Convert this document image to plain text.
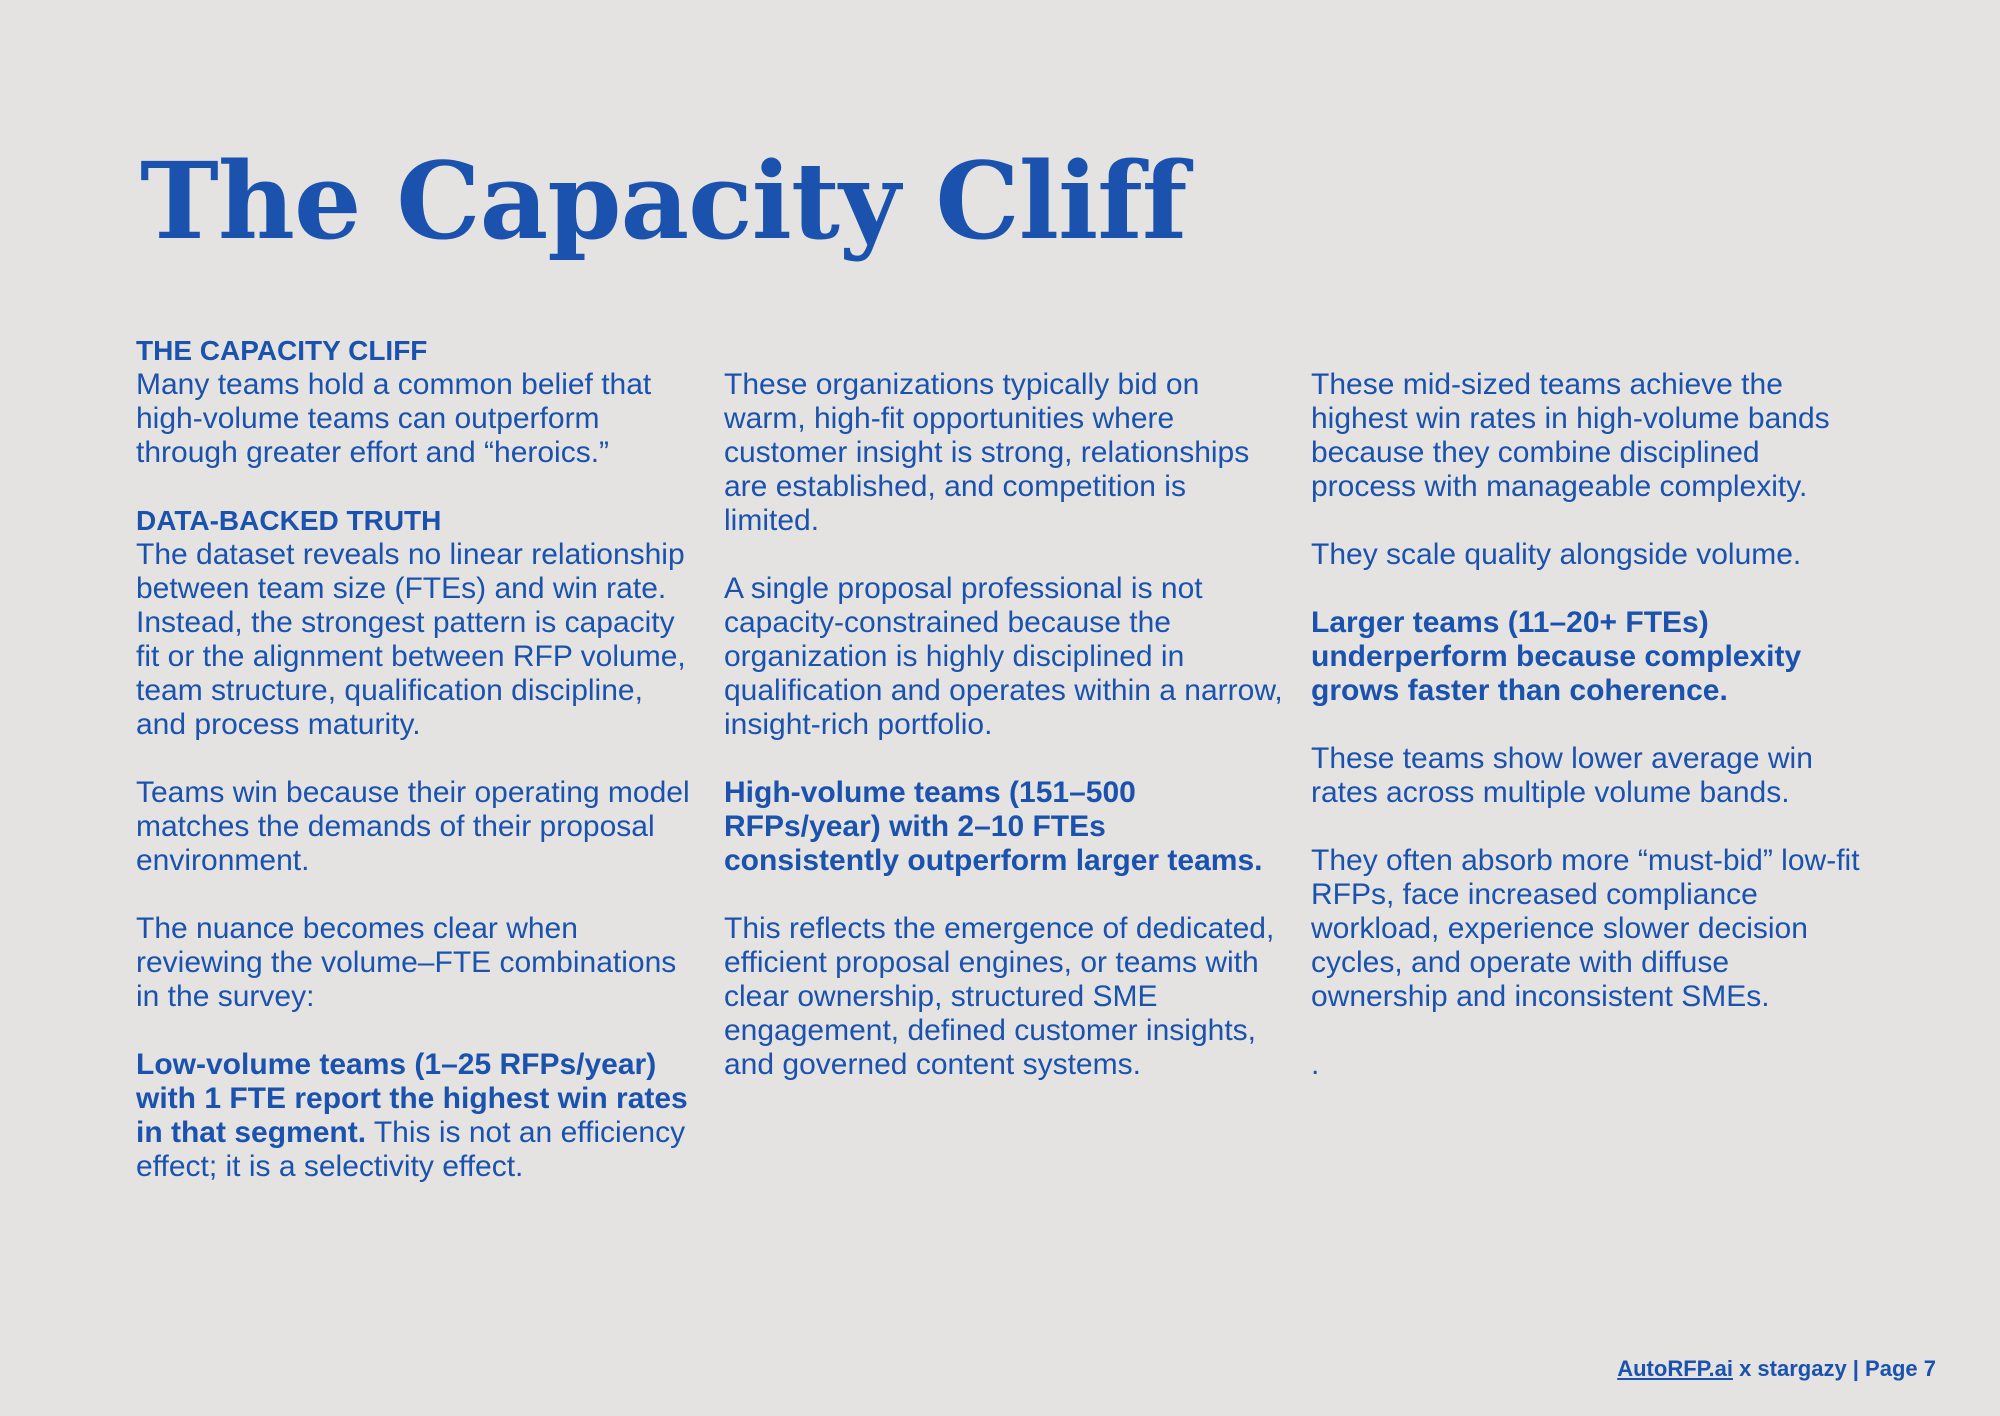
The Capacity Cliff

THE CAPACITY CLIFF
Many teams hold a common belief that high-volume teams can outperform through greater effort and “heroics.”

DATA-BACKED TRUTH
The dataset reveals no linear relationship between team size (FTEs) and win rate. Instead, the strongest pattern is capacity fit or the alignment between RFP volume, team structure, qualification discipline, and process maturity.

Teams win because their operating model matches the demands of their proposal environment.

The nuance becomes clear when reviewing the volume–FTE combinations in the survey:

Low-volume teams (1–25 RFPs/year) with 1 FTE report the highest win rates in that segment. This is not an efficiency effect; it is a selectivity effect.

These organizations typically bid on warm, high-fit opportunities where customer insight is strong, relationships are established, and competition is limited.

A single proposal professional is not capacity-constrained because the organization is highly disciplined in qualification and operates within a narrow, insight-rich portfolio.

High-volume teams (151–500 RFPs/year) with 2–10 FTEs consistently outperform larger teams.

This reflects the emergence of dedicated, efficient proposal engines, or teams with clear ownership, structured SME engagement, defined customer insights, and governed content systems.

These mid-sized teams achieve the highest win rates in high-volume bands because they combine disciplined process with manageable complexity.

They scale quality alongside volume.

Larger teams (11–20+ FTEs) underperform because complexity grows faster than coherence.

These teams show lower average win rates across multiple volume bands.

They often absorb more “must-bid” low-fit RFPs, face increased compliance workload, experience slower decision cycles, and operate with diffuse ownership and inconsistent SMEs.

.

AutoRFP.ai x stargazy | Page 7
